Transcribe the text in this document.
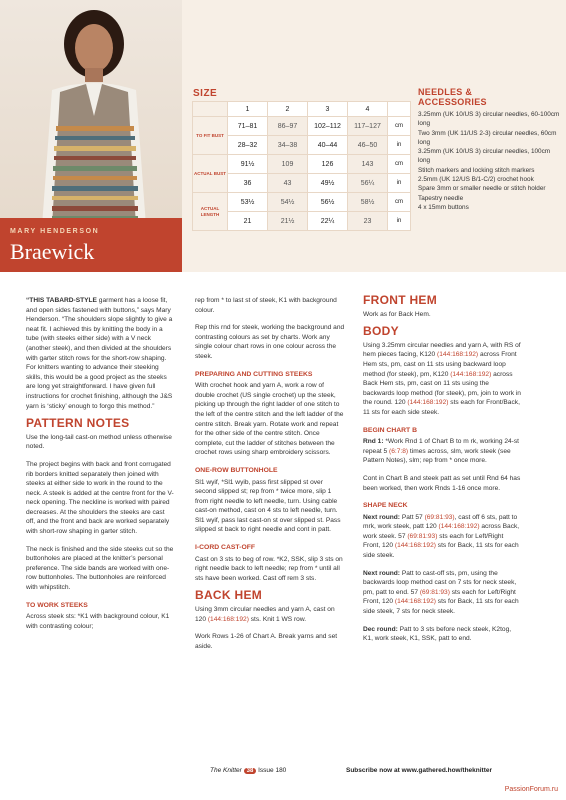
MARY HENDERSON
Braewick
SIZE
	1	2	3	4	
TO FIT BUST	71–81	86–97	102–112	117–127	cm
	28–32	34–38	40–44	46–50	in
ACTUAL BUST	91½	109	126	143	cm
	36	43	49½	56¼	in
ACTUAL LENGTH	53½	54½	56½	58½	cm
	21	21½	22¼	23	in
NEEDLES &
ACCESSORIES
3.25mm (UK 10/US 3) circular needles, 60-100cm long
Two 3mm (UK 11/US 2-3) circular needles, 60cm long
3.25mm (UK 10/US 3) circular needles, 100cm long
Stitch markers and locking stitch markers
2.5mm (UK 12/US B/1-C/2) crochet hook
Spare 3mm or smaller needle or stitch holder
Tapestry needle
4 x 15mm buttons

“THIS TABARD-STYLE garment has a loose fit, and open sides fastened with buttons,” says Mary Henderson. “The shoulders slope slightly to give a neat fit. I achieved this by knitting the body in a tube (with steeks either side) with a V neck (another steek), and then divided at the shoulders with garter stitch rows for the short-row shaping. For knitters wanting to advance their steeking skills, this would be a good project as the steeks are long yet straightforward. I have given full instructions for crochet finishing, although the J&S yarn is ‘sticky’ enough to forgo this method.”

PATTERN NOTES

Use the long-tail cast-on method unless otherwise noted.

The project begins with back and front corrugated rib borders knitted separately then joined with steeks at either side to work in the round to the neck. A steek is added at the centre front for the V-neck opening. The neckline is worked with paired decreases. At the shoulders the steeks are cast off, and the front and back are worked separately with short-row shaping in garter stitch.

The neck is finished and the side steeks cut so the buttonholes are placed at the knitter’s personal preference. The side bands are worked with one-row buttonholes. The buttonholes are reinforced with whipstitch.

TO WORK STEEKS

Across steek sts: *K1 with background colour, K1 with contrasting colour;

rep from * to last st of steek, K1 with background colour.

Rep this rnd for steek, working the background and contrasting colours as set by charts. Work any single colour chart rows in one colour across the steek.

PREPARING AND CUTTING STEEKS

With crochet hook and yarn A, work a row of double crochet (US single crochet) up the steek, picking up through the right ladder of one stitch to the left of the centre stitch and the left ladder of the centre stitch. Break yarn. Rotate work and repeat for the other side of the centre stitch. Once complete, cut the ladder of stitches between the crochet rows using sharp embroidery scissors.

ONE-ROW BUTTONHOLE

Sl1 wyif, *Sl1 wyib, pass first slipped st over second slipped st; rep from * twice more, slip 1 from right needle to left needle, turn. Using cable cast-on method, cast on 4 sts to left needle, turn. Sl1 wyif, pass last cast-on st over slipped st. Pass slipped st back to right needle and cont in patt.

I-CORD CAST-OFF

Cast on 3 sts to beg of row. *K2, SSK, slip 3 sts on right needle back to left needle; rep from * until all sts have been worked. Cast off rem 3 sts.

BACK HEM

Using 3mm circular needles and yarn A, cast on 120 (144:168:192) sts. Knit 1 WS row.

Work Rows 1-26 of Chart A. Break yarns and set aside.

FRONT HEM

Work as for Back Hem.

BODY

Using 3.25mm circular needles and yarn A, with RS of hem pieces facing, K120 (144:168:192) across Front Hem sts, pm, cast on 11 sts using backward loop method (for steek), pm, K120 (144:168:192) across Back Hem sts, pm, cast on 11 sts using the backwards loop method (for steek), pm, join to work in the round. 120 (144:168:192) sts each for Front/Back, 11 sts for each side steek.

BEGIN CHART B

Rnd 1: *Work Rnd 1 of Chart B to m rk, working 24-st repeat 5 (6:7:8) times across, slm, work steek (see Pattern Notes), slm; rep from * once more.

Cont in Chart B and steek patt as set until Rnd 64 has been worked, then work Rnds 1-16 once more.

SHAPE NECK

Next round: Patt 57 (69:81:93), cast off 6 sts, patt to mrk, work steek, patt 120 (144:168:192) across Back, work steek. 57 (69:81:93) sts each for Left/Right Front, 120 (144:168:192) sts for Back, 11 sts for each side steek.

Next round: Patt to cast-off sts, pm, using the backwards loop method cast on 7 sts for neck steek, pm, patt to end. 57 (69:81:93) sts each for Left/Right Front, 120 (144:168:192) sts for Back, 11 sts for each side steek, 7 sts for neck steek.

Dec round: Patt to 3 sts before neck steek, K2tog, K1, work steek, K1, SSK, patt to end.

The Knitter 38 Issue 180	Subscribe now at www.gathered.how/theknitter
PassionForum.ru
